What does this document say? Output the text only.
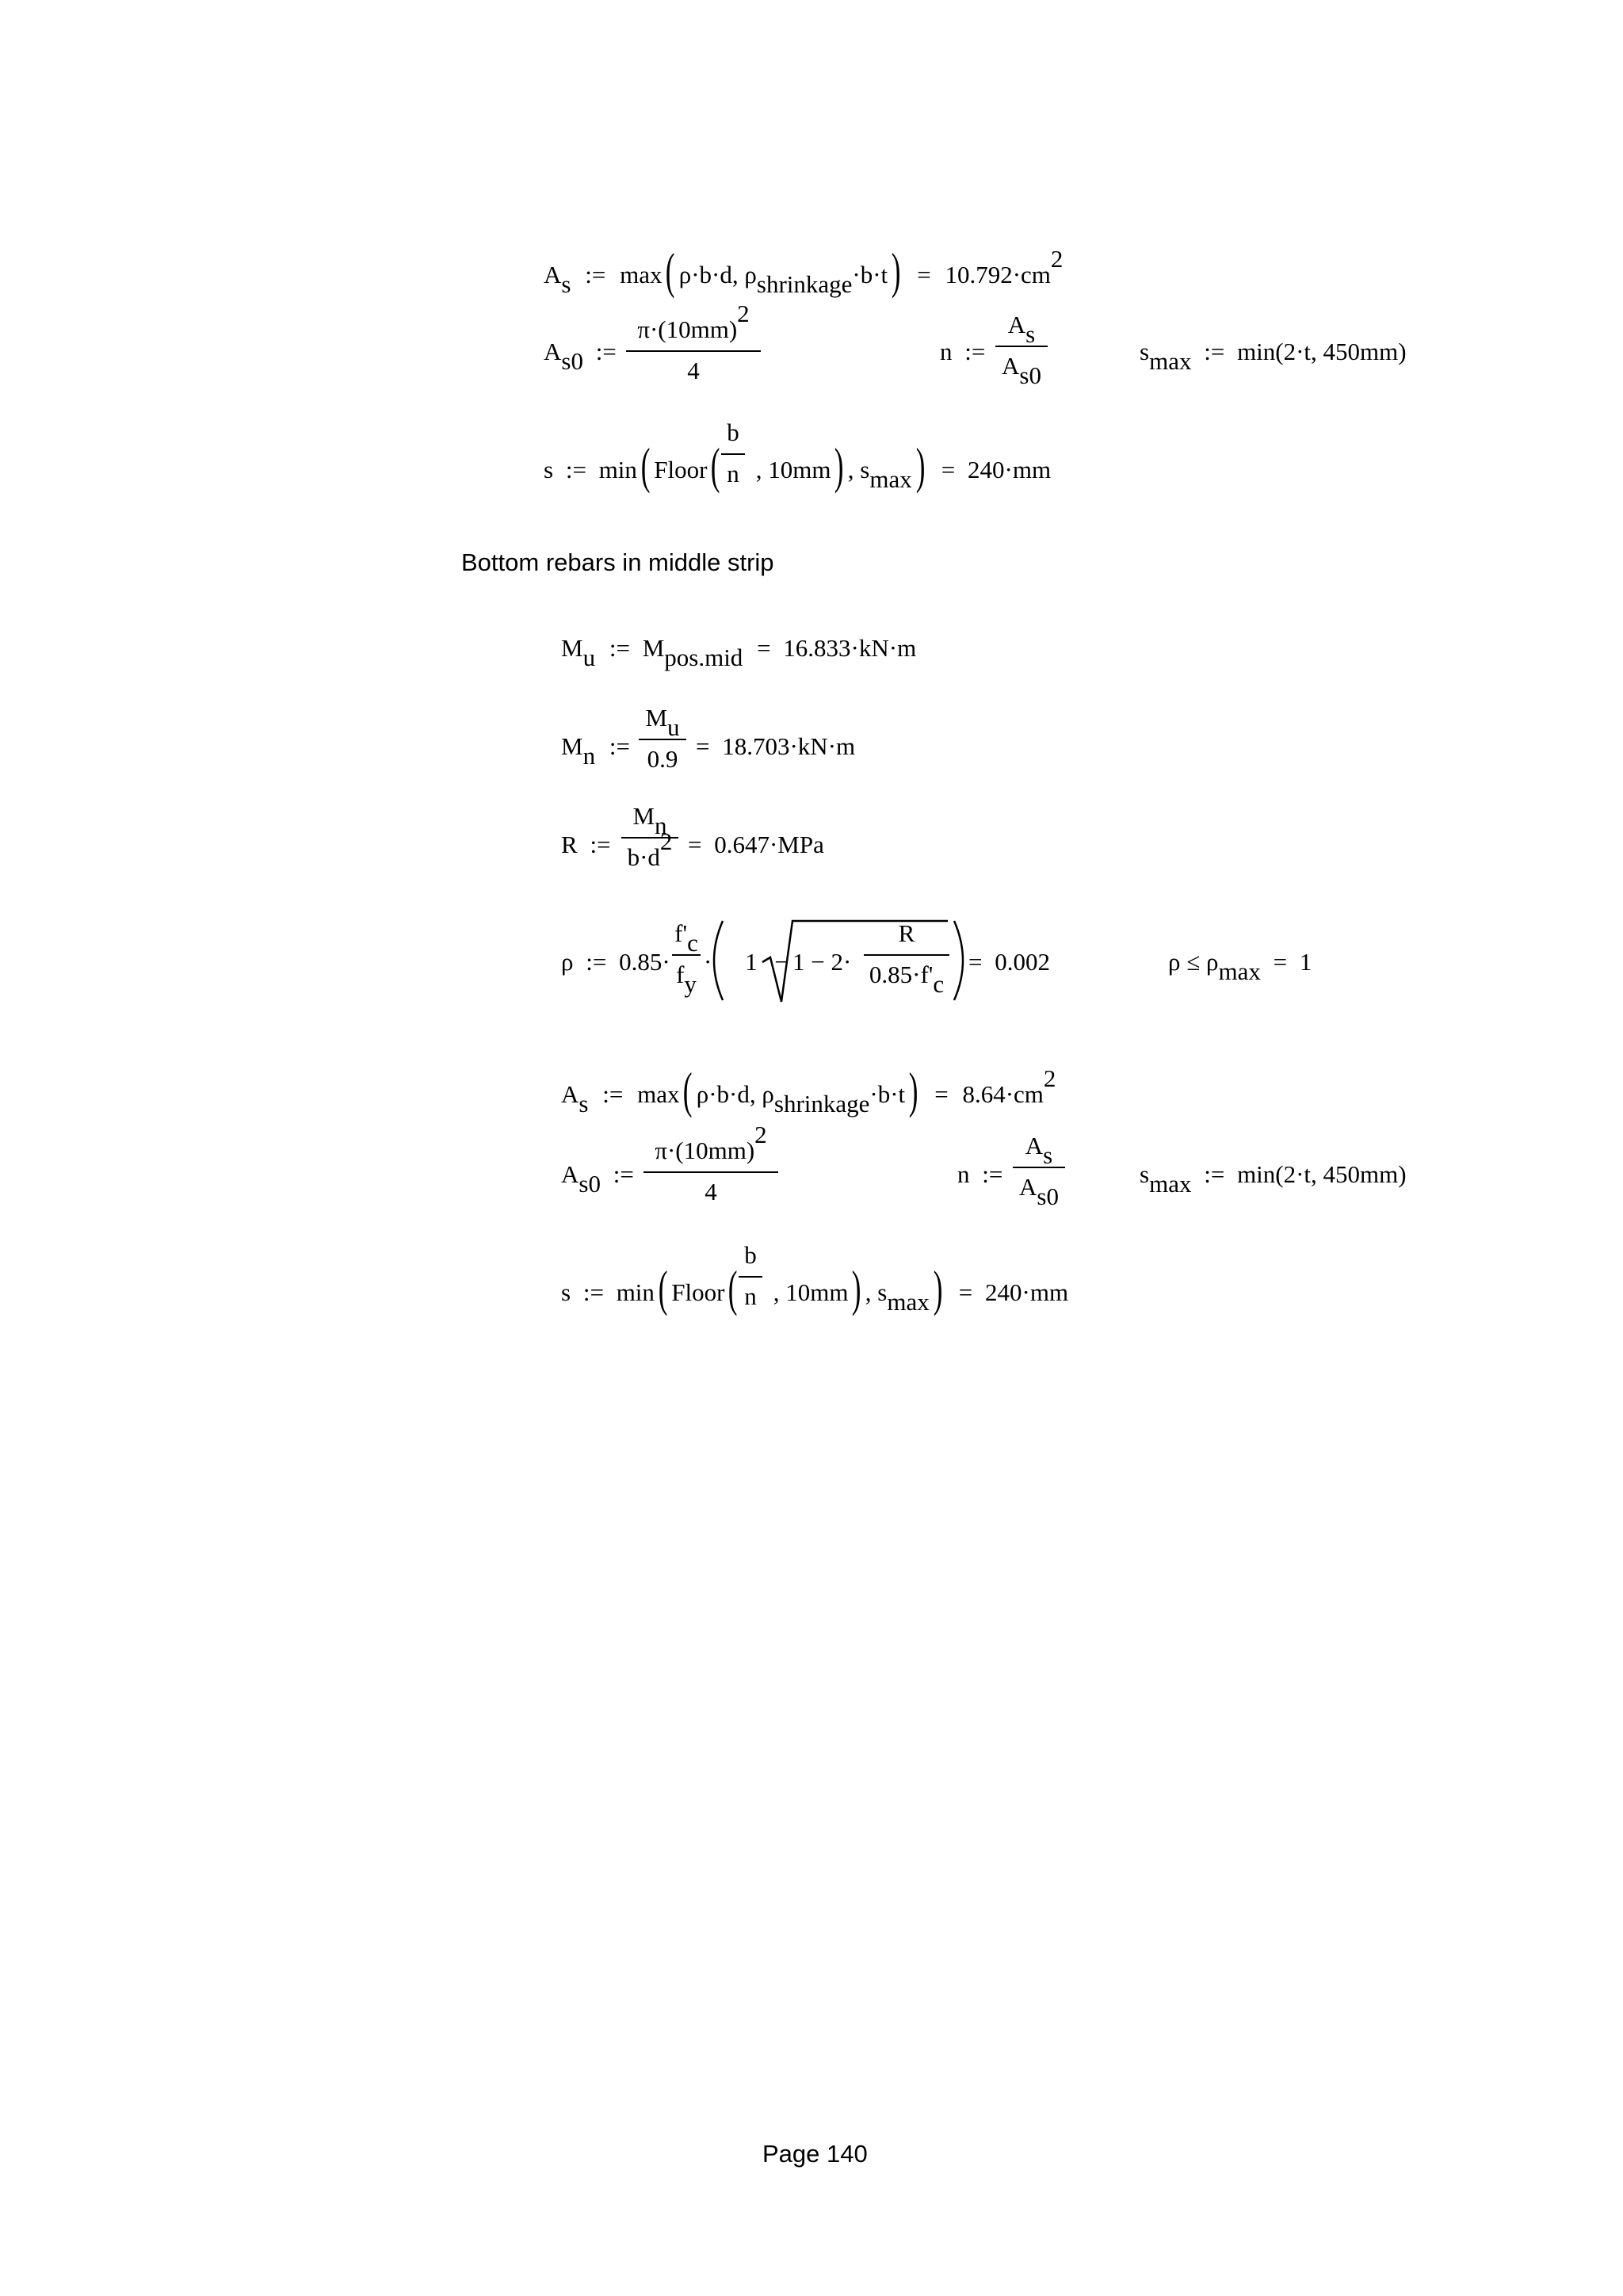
As := max( ρ·b·d, ρshrinkage·b·t) = 10.792·cm2
As0 := $\frac{\pi\cdot(10mm)2}{4}$	n := $\frac{As}{As0}$	smax := min(2·t, 450mm)
s := min( Floor( , 10mm) , smax) = 240·mm
$\frac{b}{n}$
Bottom rebars in middle strip
Mu := Mpos.mid = 16.833·kN·m
Mn := $\frac{Mu}{0.9} = 18.703\cdot kN\cdot m$
R := $\frac{Mn}{b\cdot d2} = 0.647\cdot MPa$
ρ := $0.85\cdot \frac{f'c}{fy} \cdot 1 - 1 - 2\cdot \frac{R}{0.85\cdot f'c} = 0.002$	ρ ≤ ρmax = 1
As := max( ρ·b·d, ρshrinkage·b·t) = 8.64·cm2
As0 := $\frac{\pi\cdot(10mm)2}{4}$	n := $\frac{As}{As0}$	smax := min(2·t, 450mm)
s := min( Floor( , 10mm) , smax) = 240·mm
$\frac{b}{n}$
Page 140
